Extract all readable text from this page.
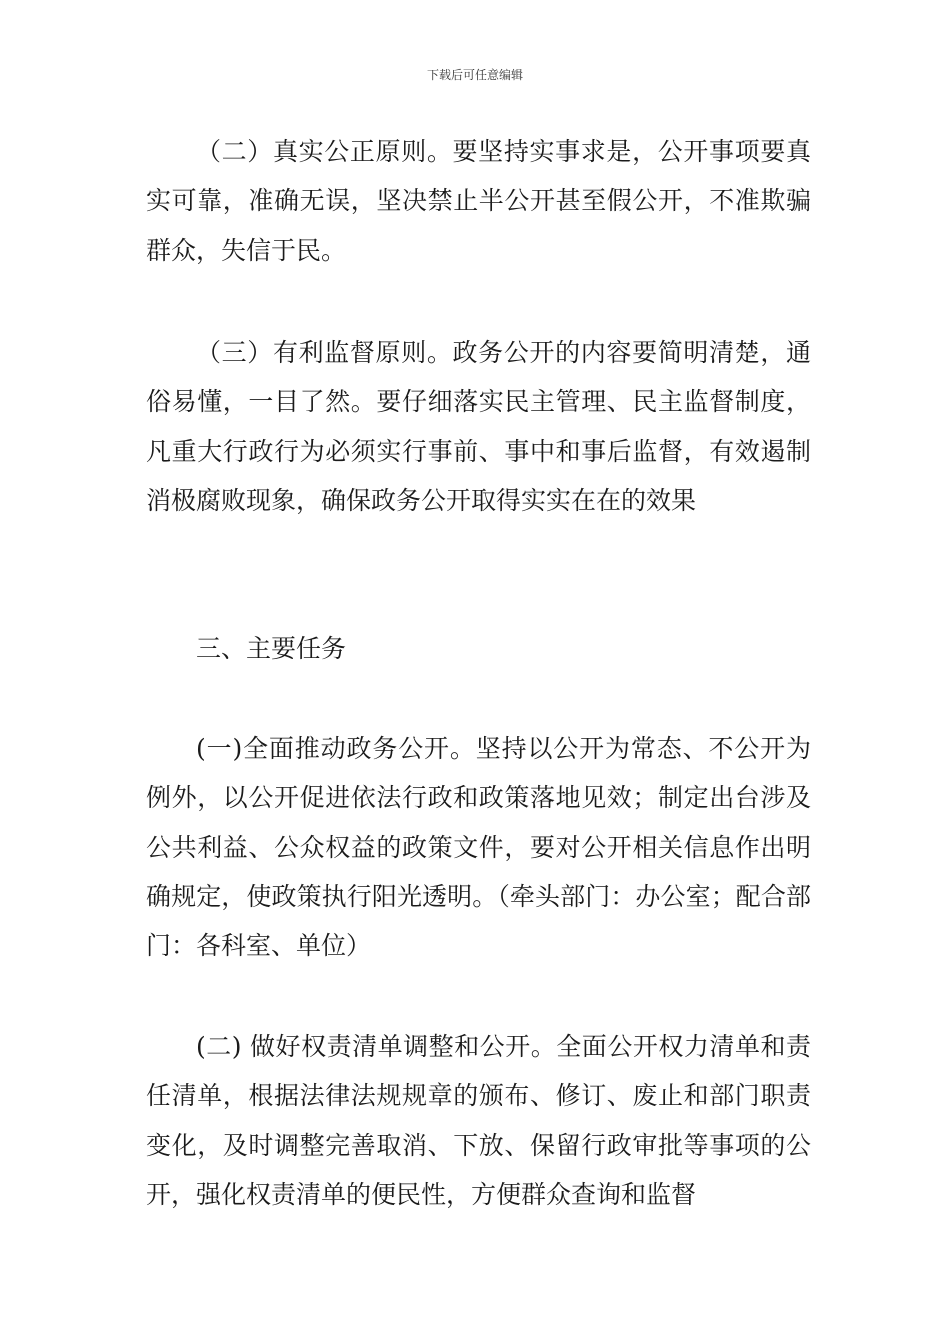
下载后可任意编辑

（二）真实公正原则。要坚持实事求是，公开事项要真实可靠，准确无误，坚决禁止半公开甚至假公开，不准欺骗群众，失信于民。

（三）有利监督原则。政务公开的内容要简明清楚，通俗易懂，一目了然。要仔细落实民主管理、民主监督制度，凡重大行政行为必须实行事前、事中和事后监督，有效遏制消极腐败现象，确保政务公开取得实实在在的效果

三、主要任务

(一)全面推动政务公开。坚持以公开为常态、不公开为例外，以公开促进依法行政和政策落地见效；制定出台涉及公共利益、公众权益的政策文件，要对公开相关信息作出明确规定，使政策执行阳光透明。（牵头部门：办公室；配合部门：各科室、单位）

(二) 做好权责清单调整和公开。全面公开权力清单和责任清单，根据法律法规规章的颁布、修订、废止和部门职责变化，及时调整完善取消、下放、保留行政审批等事项的公开，强化权责清单的便民性，方便群众查询和监督
